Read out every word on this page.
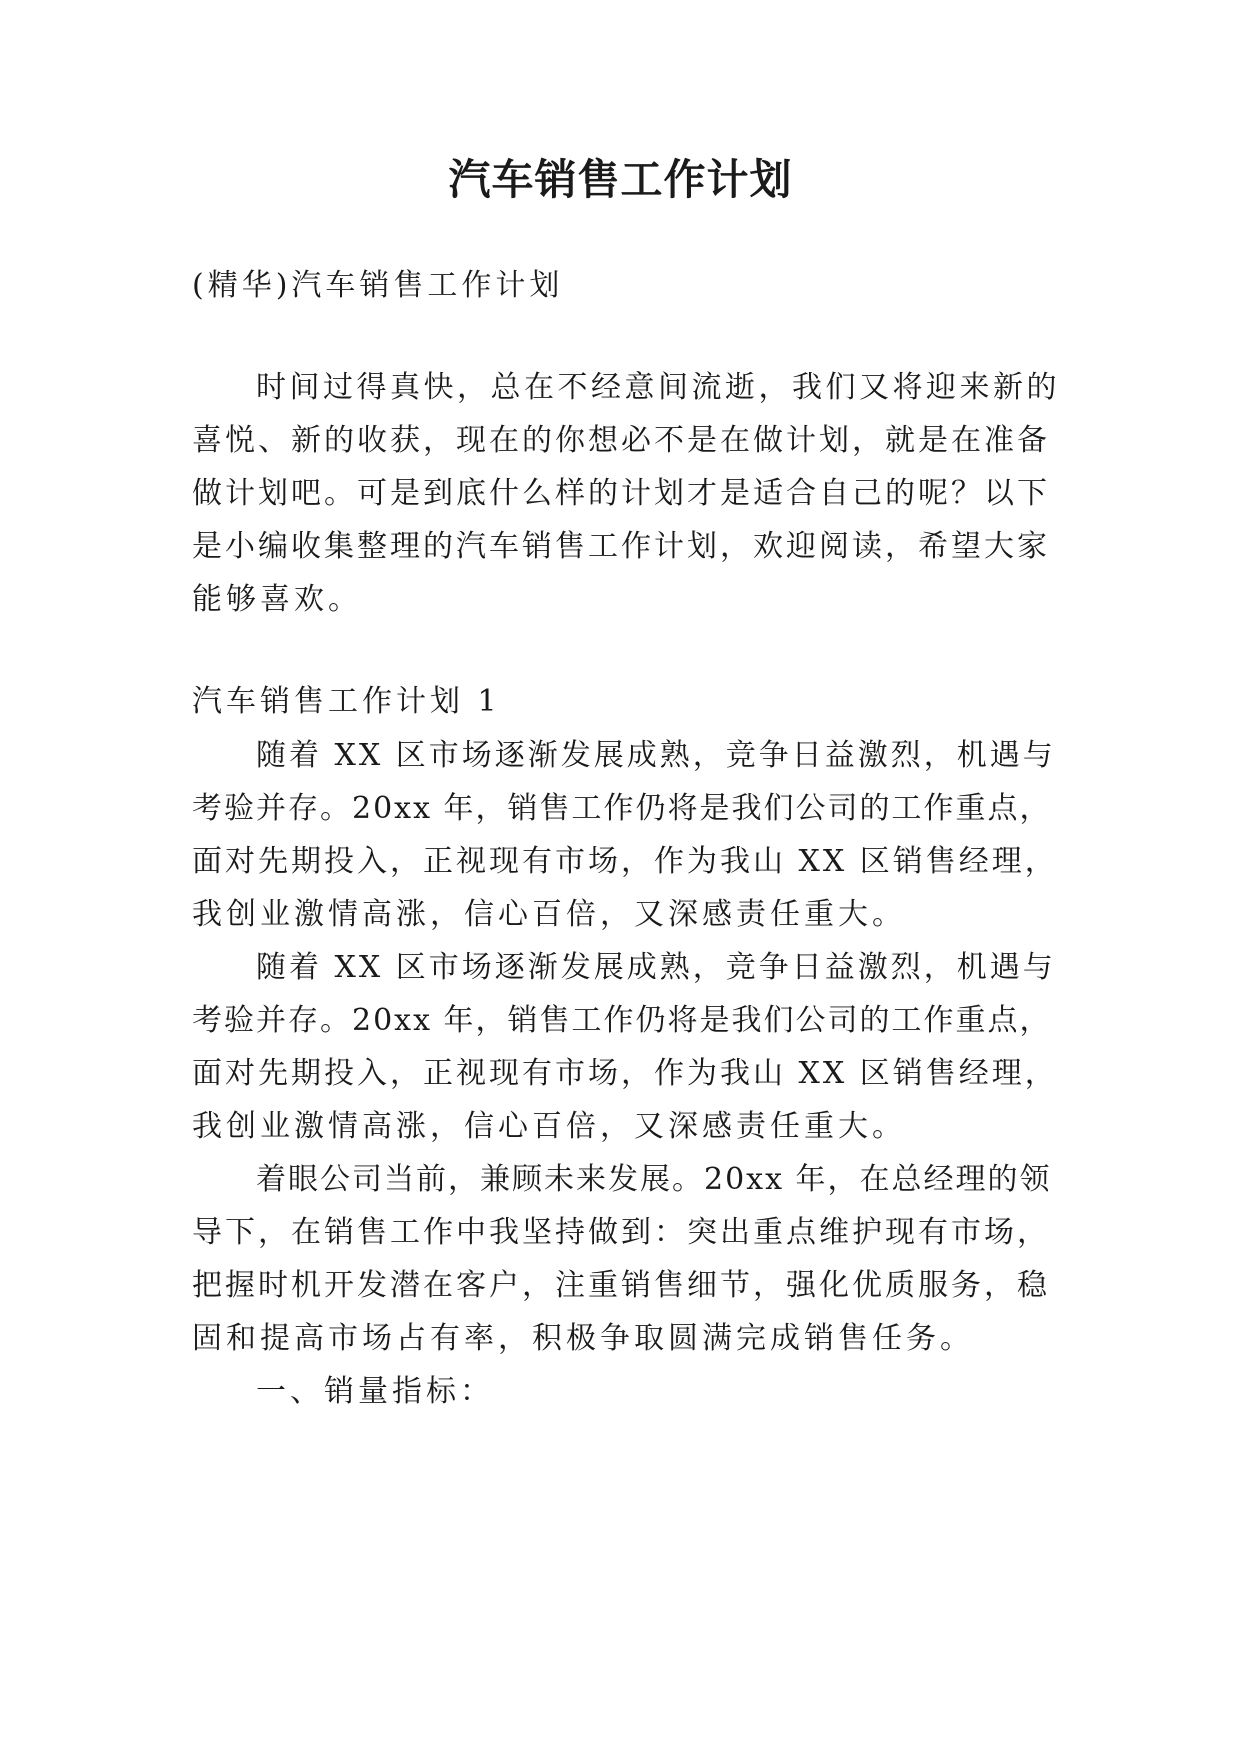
汽车销售工作计划
(精华)汽车销售工作计划
时间过得真快，总在不经意间流逝，我们又将迎来新的
喜悦、新的收获，现在的你想必不是在做计划，就是在准备
做计划吧。可是到底什么样的计划才是适合自己的呢？以下
是小编收集整理的汽车销售工作计划，欢迎阅读，希望大家
能够喜欢。
汽车销售工作计划 1
随着 XX 区市场逐渐发展成熟，竞争日益激烈，机遇与
考验并存。20xx 年，销售工作仍将是我们公司的工作重点，
面对先期投入，正视现有市场，作为我山 XX 区销售经理，
我创业激情高涨，信心百倍，又深感责任重大。
随着 XX 区市场逐渐发展成熟，竞争日益激烈，机遇与
考验并存。20xx 年，销售工作仍将是我们公司的工作重点，
面对先期投入，正视现有市场，作为我山 XX 区销售经理，
我创业激情高涨，信心百倍，又深感责任重大。
着眼公司当前，兼顾未来发展。20xx 年，在总经理的领
导下，在销售工作中我坚持做到：突出重点维护现有市场，
把握时机开发潜在客户，注重销售细节，强化优质服务，稳
固和提高市场占有率，积极争取圆满完成销售任务。
一、销量指标：
